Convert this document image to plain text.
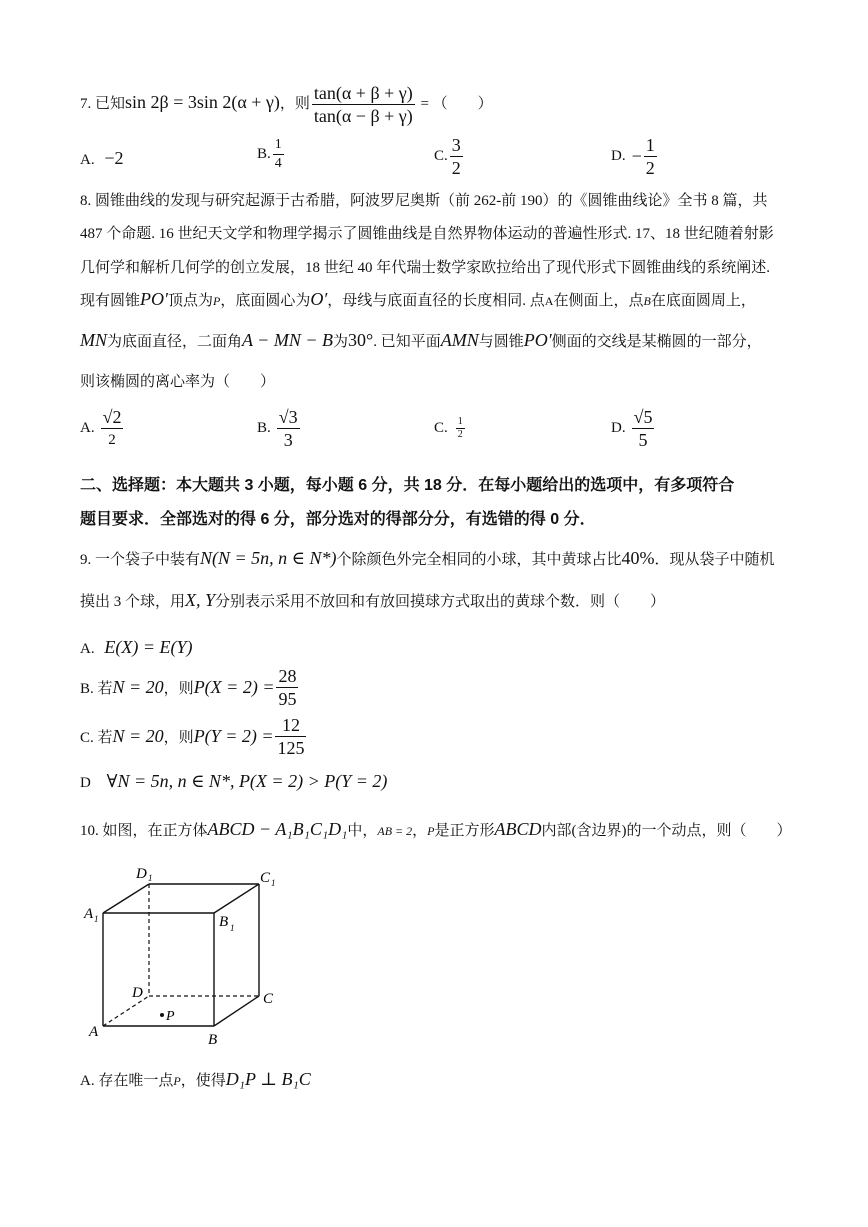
7. 已知sin 2β = 3sin 2(α + γ)，则 $\frac{\tan(\alpha + \beta + \gamma)}{\tan(\alpha - \beta + \gamma)}$ = （　　）
A. −2	B. $\frac{1}{4}$	C. $\frac{3}{2}$	D. − $\frac{1}{2}$
8. 圆锥曲线的发现与研究起源于古希腊，阿波罗尼奥斯（前 262-前 190）的《圆锥曲线论》全书 8 篇，共
487 个命题. 16 世纪天文学和物理学揭示了圆锥曲线是自然界物体运动的普遍性形式. 17、18 世纪随着射影
几何学和解析几何学的创立发展，18 世纪 40 年代瑞士数学家欧拉给出了现代形式下圆锥曲线的系统阐述.
现有圆锥PO′顶点为P，底面圆心为O′，母线与底面直径的长度相同. 点A在侧面上，点B在底面圆周上，
MN为底面直径，二面角A − MN − B为30°. 已知平面AMN与圆锥PO′侧面的交线是某椭圆的一部分，
则该椭圆的离心率为（　　）
A. $\frac{√2}{2}$	B. $\frac{√3}{3}$	C. $\frac{1}{2}$	D. $\frac{√5}{5}$
二、选择题：本大题共 3 小题，每小题 6 分，共 18 分．在每小题给出的选项中，有多项符合
题目要求．全部选对的得 6 分，部分选对的得部分分，有选错的得 0 分．
9. 一个袋子中装有N(N = 5n, n ∈ N*)个除颜色外完全相同的小球，其中黄球占比40%．现从袋子中随机
摸出 3 个球，用X, Y分别表示采用不放回和有放回摸球方式取出的黄球个数．则（　　）
A. E(X) = E(Y)
B. 若N = 20，则$P(X = 2) = \frac{28}{95}$
C. 若N = 20，则$P(Y = 2) = \frac{12}{125}$
D ∀N = 5n, n ∈ N*, P(X = 2) > P(Y = 2)
10. 如图，在正方体ABCD − A₁B₁C₁D₁中，AB = 2，P是正方形ABCD内部(含边界)的一个动点，则（　　）
P
D 1	C 1
A 1	B 1
D	C
A	B
A. 存在唯一点P，使得D₁P ⊥ B₁C
